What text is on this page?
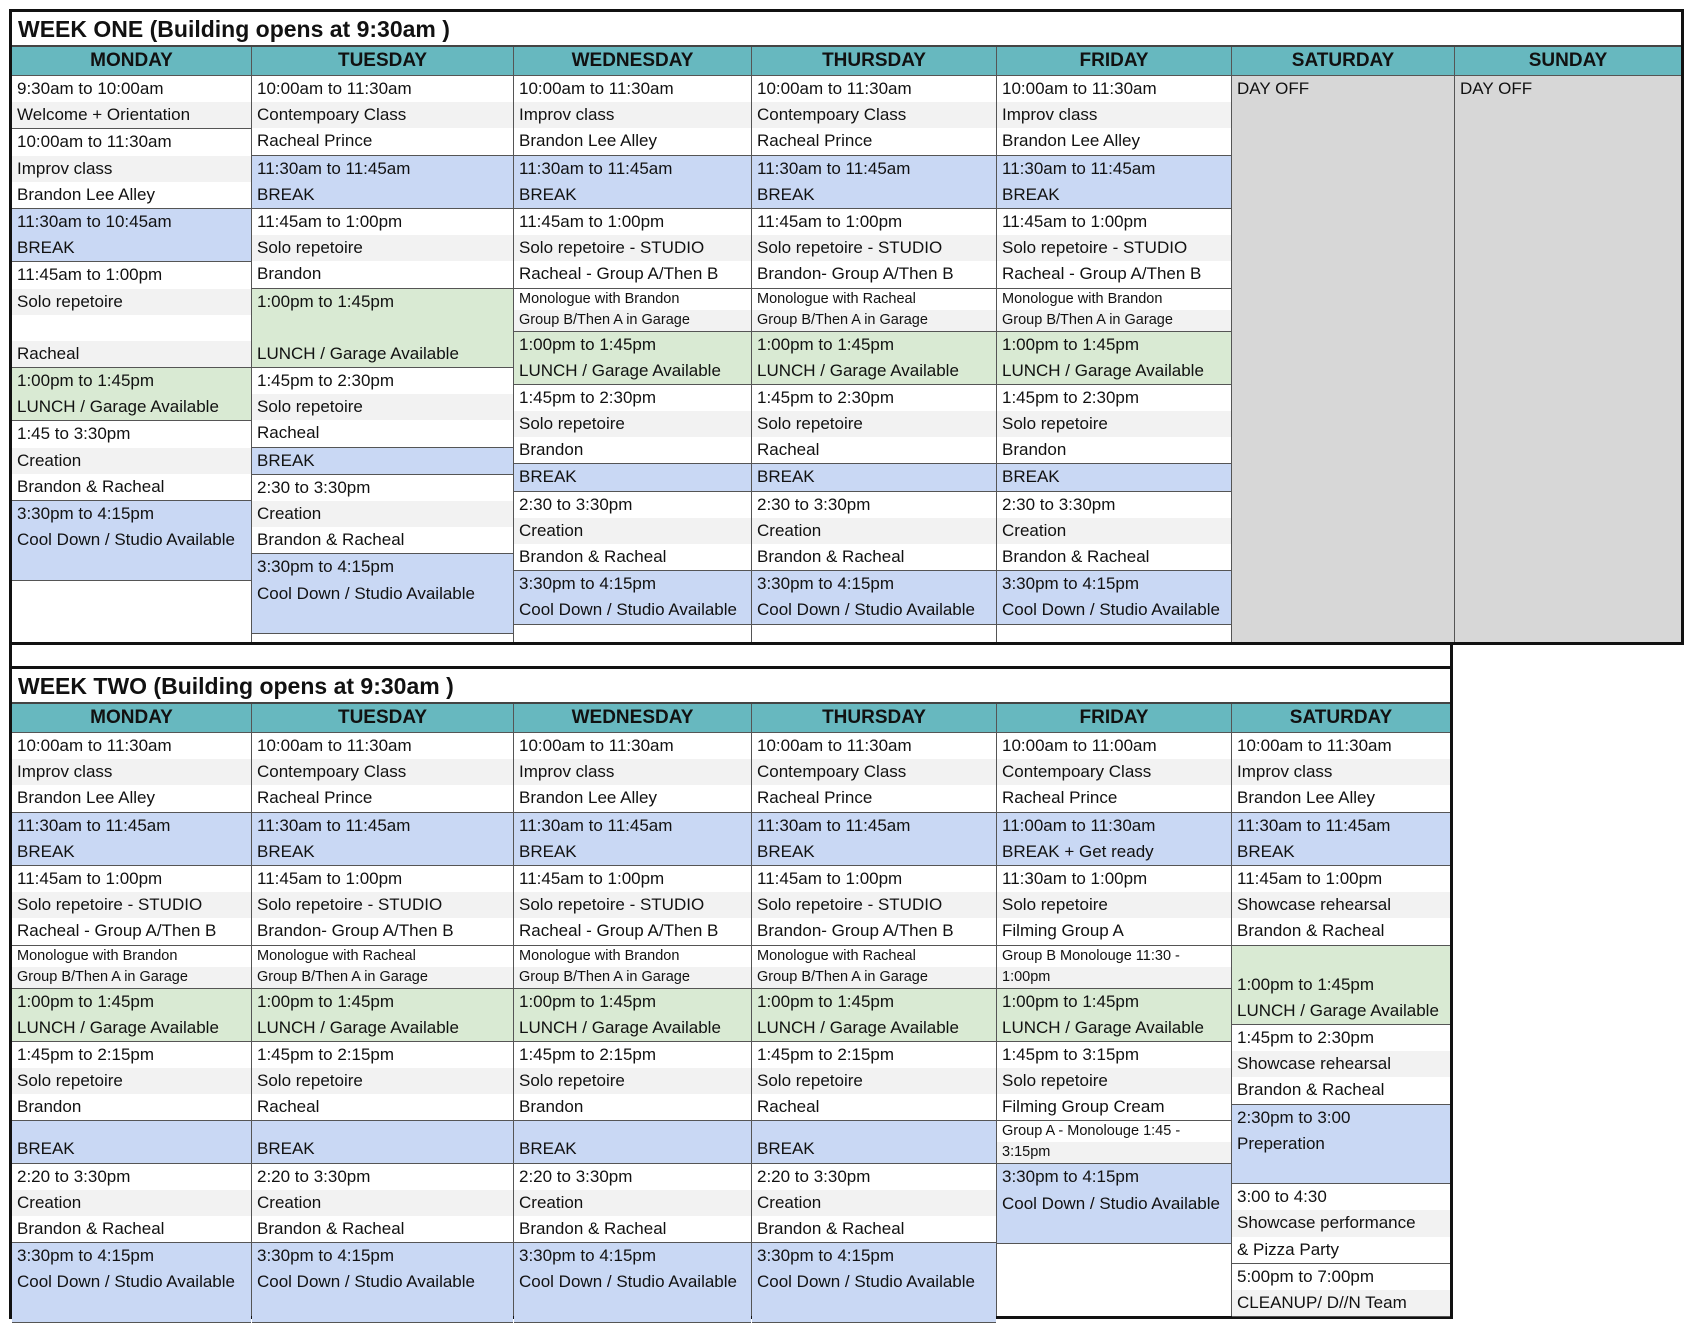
WEEK ONE (Building opens at 9:30am )
MONDAY
9:30am to 10:00am
Welcome + Orientation
10:00am to 11:30am
Improv class
Brandon Lee Alley
11:30am to 10:45am
BREAK
11:45am to 1:00pm
Solo repetoire
Racheal
1:00pm to 1:45pm
LUNCH / Garage Available
1:45 to 3:30pm
Creation
Brandon & Racheal
3:30pm to 4:15pm
Cool Down / Studio Available
TUESDAY
10:00am to 11:30am
Contempoary Class
Racheal Prince
11:30am to 11:45am
BREAK
11:45am to 1:00pm
Solo repetoire
Brandon
1:00pm to 1:45pm
LUNCH / Garage Available
1:45pm to 2:30pm
Solo repetoire
Racheal
BREAK
2:30 to 3:30pm
Creation
Brandon & Racheal
3:30pm to 4:15pm
Cool Down / Studio Available
WEDNESDAY
10:00am to 11:30am
Improv class
Brandon Lee Alley
11:30am to 11:45am
BREAK
11:45am to 1:00pm
Solo repetoire - STUDIO
Racheal - Group A/Then B
Monologue with Brandon
Group B/Then A in Garage
1:00pm to 1:45pm
LUNCH / Garage Available
1:45pm to 2:30pm
Solo repetoire
Brandon
BREAK
2:30 to 3:30pm
Creation
Brandon & Racheal
3:30pm to 4:15pm
Cool Down / Studio Available
THURSDAY
10:00am to 11:30am
Contempoary Class
Racheal Prince
11:30am to 11:45am
BREAK
11:45am to 1:00pm
Solo repetoire - STUDIO
Brandon- Group A/Then B
Monologue with Racheal
Group B/Then A in Garage
1:00pm to 1:45pm
LUNCH / Garage Available
1:45pm to 2:30pm
Solo repetoire
Racheal
BREAK
2:30 to 3:30pm
Creation
Brandon & Racheal
3:30pm to 4:15pm
Cool Down / Studio Available
FRIDAY
10:00am to 11:30am
Improv class
Brandon Lee Alley
11:30am to 11:45am
BREAK
11:45am to 1:00pm
Solo repetoire - STUDIO
Racheal - Group A/Then B
Monologue with Brandon
Group B/Then A in Garage
1:00pm to 1:45pm
LUNCH / Garage Available
1:45pm to 2:30pm
Solo repetoire
Brandon
BREAK
2:30 to 3:30pm
Creation
Brandon & Racheal
3:30pm to 4:15pm
Cool Down / Studio Available
SATURDAY
DAY OFF
SUNDAY
DAY OFF
WEEK TWO (Building opens at 9:30am )
MONDAY
10:00am to 11:30am
Improv class
Brandon Lee Alley
11:30am to 11:45am
BREAK
11:45am to 1:00pm
Solo repetoire - STUDIO
Racheal - Group A/Then B
Monologue with Brandon
Group B/Then A in Garage
1:00pm to 1:45pm
LUNCH / Garage Available
1:45pm to 2:15pm
Solo repetoire
Brandon
BREAK
2:20 to 3:30pm
Creation
Brandon & Racheal
3:30pm to 4:15pm
Cool Down / Studio Available
TUESDAY
10:00am to 11:30am
Contempoary Class
Racheal Prince
11:30am to 11:45am
BREAK
11:45am to 1:00pm
Solo repetoire - STUDIO
Brandon- Group A/Then B
Monologue with Racheal
Group B/Then A in Garage
1:00pm to 1:45pm
LUNCH / Garage Available
1:45pm to 2:15pm
Solo repetoire
Racheal
BREAK
2:20 to 3:30pm
Creation
Brandon & Racheal
3:30pm to 4:15pm
Cool Down / Studio Available
WEDNESDAY
10:00am to 11:30am
Improv class
Brandon Lee Alley
11:30am to 11:45am
BREAK
11:45am to 1:00pm
Solo repetoire - STUDIO
Racheal - Group A/Then B
Monologue with Brandon
Group B/Then A in Garage
1:00pm to 1:45pm
LUNCH / Garage Available
1:45pm to 2:15pm
Solo repetoire
Brandon
BREAK
2:20 to 3:30pm
Creation
Brandon & Racheal
3:30pm to 4:15pm
Cool Down / Studio Available
THURSDAY
10:00am to 11:30am
Contempoary Class
Racheal Prince
11:30am to 11:45am
BREAK
11:45am to 1:00pm
Solo repetoire - STUDIO
Brandon- Group A/Then B
Monologue with Racheal
Group B/Then A in Garage
1:00pm to 1:45pm
LUNCH / Garage Available
1:45pm to 2:15pm
Solo repetoire
Racheal
BREAK
2:20 to 3:30pm
Creation
Brandon & Racheal
3:30pm to 4:15pm
Cool Down / Studio Available
FRIDAY
10:00am to 11:00am
Contempoary Class
Racheal Prince
11:00am to 11:30am
BREAK + Get ready
11:30am to 1:00pm
Solo repetoire
Filming Group A
Group B Monolouge 11:30 -
1:00pm
1:00pm to 1:45pm
LUNCH / Garage Available
1:45pm to 3:15pm
Solo repetoire
Filming Group Cream
Group A - Monolouge 1:45 -
3:15pm
3:30pm to 4:15pm
Cool Down / Studio Available
SATURDAY
10:00am to 11:30am
Improv class
Brandon Lee Alley
11:30am to 11:45am
BREAK
11:45am to 1:00pm
Showcase rehearsal
Brandon & Racheal
1:00pm to 1:45pm
LUNCH / Garage Available
1:45pm to 2:30pm
Showcase rehearsal
Brandon & Racheal
2:30pm to 3:00
Preperation
3:00 to 4:30
Showcase performance
& Pizza Party
5:00pm to 7:00pm
CLEANUP/ D//N Team
